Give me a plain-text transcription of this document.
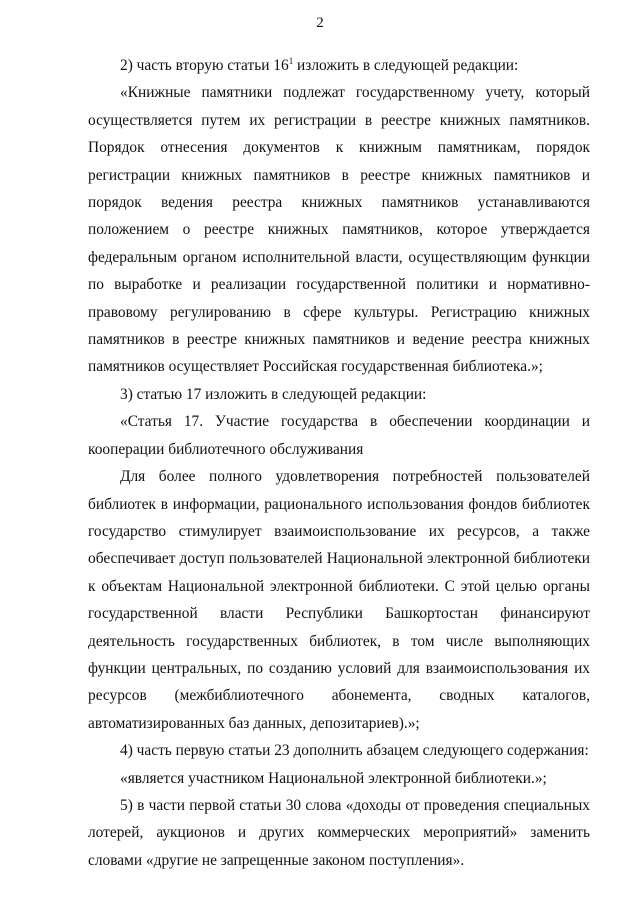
2

2) часть вторую статьи $16^1$ изложить в следующей редакции:

«Книжные памятники подлежат государственному учету, который осуществляется путем их регистрации в реестре книжных памятников. Порядок отнесения документов к книжным памятникам, порядок регистрации книжных памятников в реестре книжных памятников и порядок ведения реестра книжных памятников устанавливаются положением о реестре книжных памятников, которое утверждается федеральным органом исполнительной власти, осуществляющим функции по выработке и реализации государственной политики и нормативно-правовому регулированию в сфере культуры. Регистрацию книжных памятников в реестре книжных памятников и ведение реестра книжных памятников осуществляет Российская государственная библиотека.»;

3) статью 17 изложить в следующей редакции:

«Статья 17. Участие государства в обеспечении координации и кооперации библиотечного обслуживания

Для более полного удовлетворения потребностей пользователей библиотек в информации, рационального использования фондов библиотек государство стимулирует взаимоиспользование их ресурсов, а также обеспечивает доступ пользователей Национальной электронной библиотеки к объектам Национальной электронной библиотеки. С этой целью органы государственной власти Республики Башкортостан финансируют деятельность государственных библиотек, в том числе выполняющих функции центральных, по созданию условий для взаимоиспользования их ресурсов (межбиблиотечного абонемента, сводных каталогов, автоматизированных баз данных, депозитариев).»;

4) часть первую статьи 23 дополнить абзацем следующего содержания:

«является участником Национальной электронной библиотеки.»;

5) в части первой статьи 30 слова «доходы от проведения специальных лотерей, аукционов и других коммерческих мероприятий» заменить словами «другие не запрещенные законом поступления».
